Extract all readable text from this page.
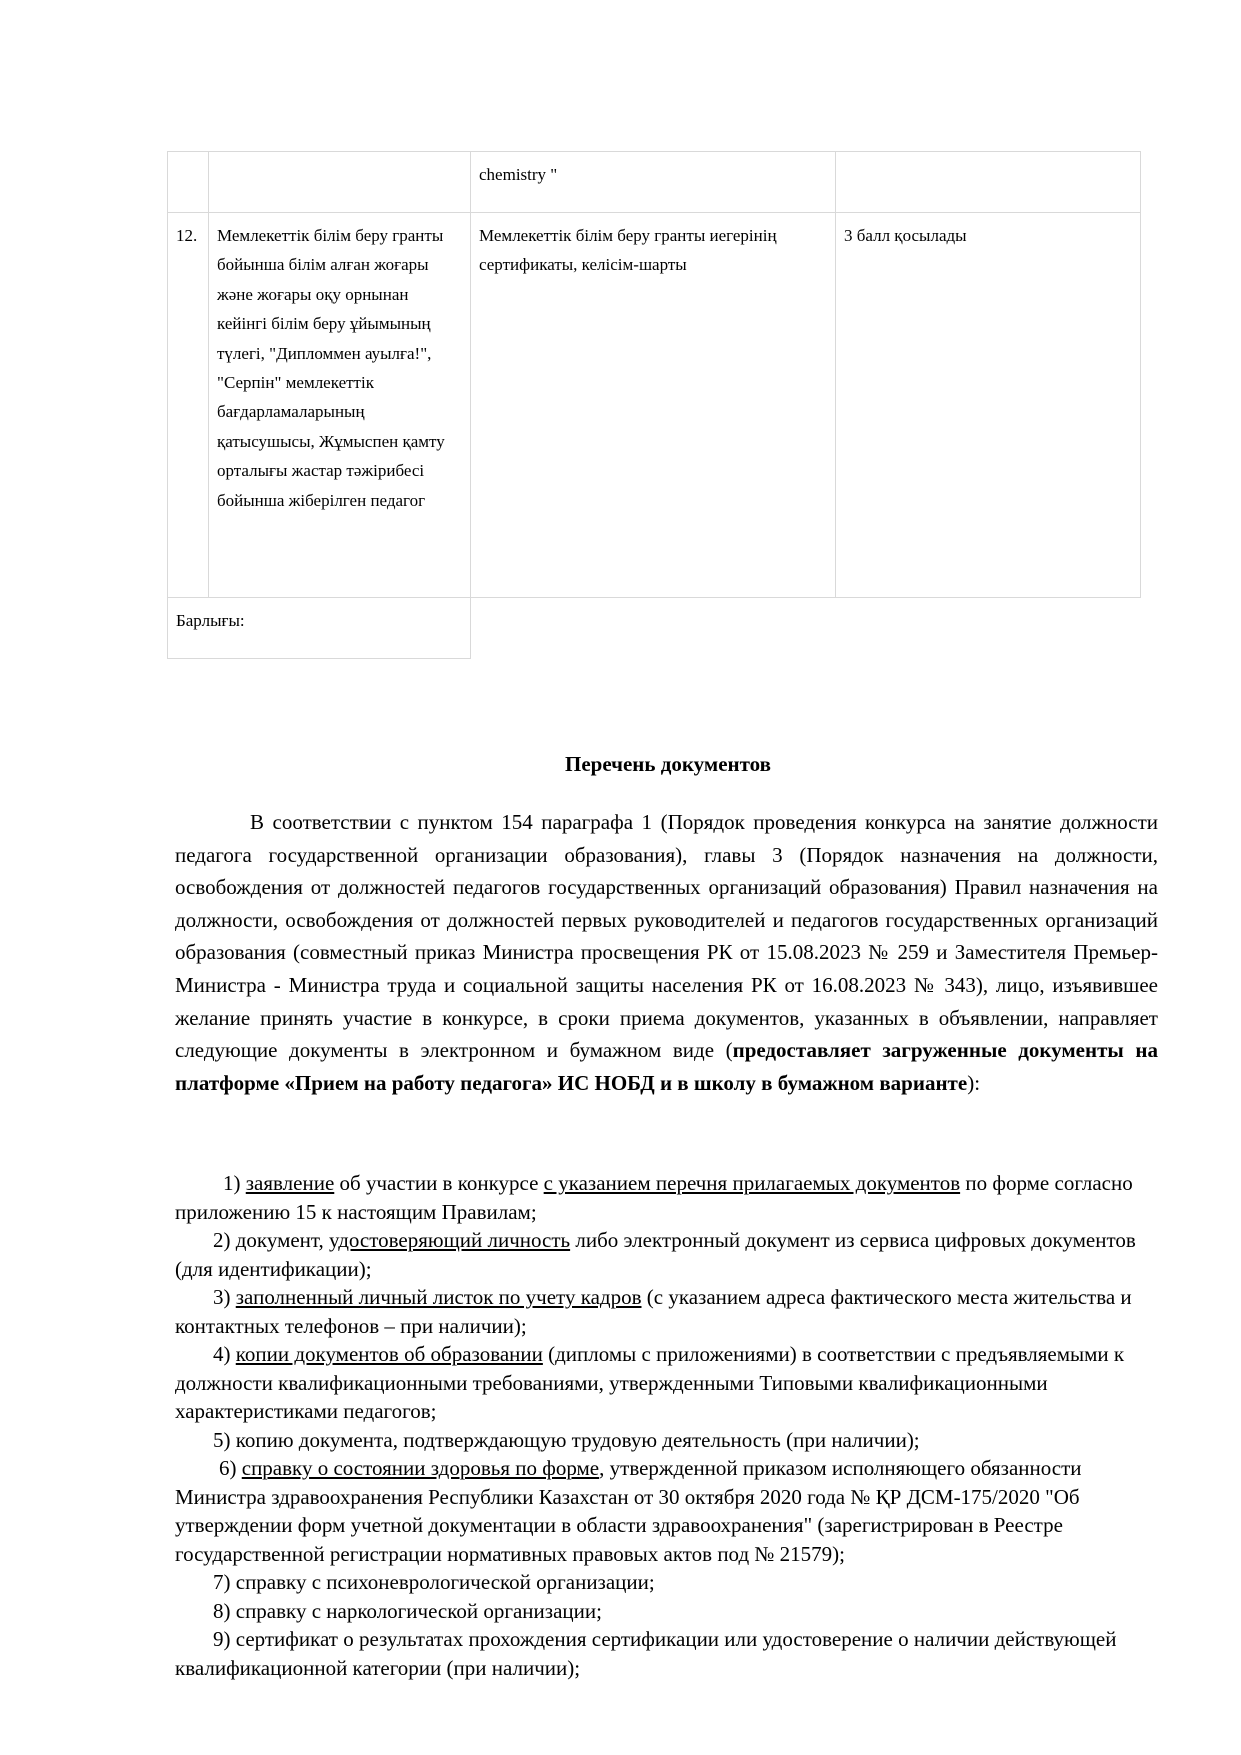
		chemistry "	
12.	Мемлекеттік білім беру гранты бойынша білім алған жоғары және жоғары оқу орнынан кейінгі білім беру ұйымының түлегі, "Дипломмен ауылға!", "Серпін" мемлекеттік бағдарламаларының қатысушысы, Жұмыспен қамту орталығы жастар тәжірибесі бойынша жіберілген педагог	Мемлекеттік білім беру гранты иегерінің сертификаты, келісім-шарты	3 балл қосылады
Барлығы:			
Перечень документов
В соответствии с пунктом 154 параграфа 1 (Порядок проведения конкурса на занятие должности педагога государственной организации образования), главы 3 (Порядок назначения на должности, освобождения от должностей педагогов государственных организаций образования) Правил назначения на должности, освобождения от должностей первых руководителей и педагогов государственных организаций образования (совместный приказ Министра просвещения РК от 15.08.2023 № 259 и Заместителя Премьер-Министра - Министра труда и социальной защиты населения РК от 16.08.2023 № 343), лицо, изъявившее желание принять участие в конкурсе, в сроки приема документов, указанных в объявлении, направляет следующие документы в электронном и бумажном виде (предоставляет загруженные документы на платформе «Прием на работу педагога» ИС НОБД и в школу в бумажном варианте):

1) заявление об участии в конкурсе с указанием перечня прилагаемых документов по форме согласно приложению 15 к настоящим Правилам;

2) документ, удостоверяющий личность либо электронный документ из сервиса цифровых документов (для идентификации);

3) заполненный личный листок по учету кадров (с указанием адреса фактического места жительства и контактных телефонов – при наличии);

4) копии документов об образовании (дипломы с приложениями) в соответствии с предъявляемыми к должности квалификационными требованиями, утвержденными Типовыми квалификационными характеристиками педагогов;

5) копию документа, подтверждающую трудовую деятельность (при наличии);

6) справку о состоянии здоровья по форме, утвержденной приказом исполняющего обязанности Министра здравоохранения Республики Казахстан от 30 октября 2020 года № ҚР ДСМ-175/2020 "Об утверждении форм учетной документации в области здравоохранения" (зарегистрирован в Реестре государственной регистрации нормативных правовых актов под № 21579);

7) справку с психоневрологической организации;

8) справку с наркологической организации;

9) сертификат о результатах прохождения сертификации или удостоверение о наличии действующей квалификационной категории (при наличии);
